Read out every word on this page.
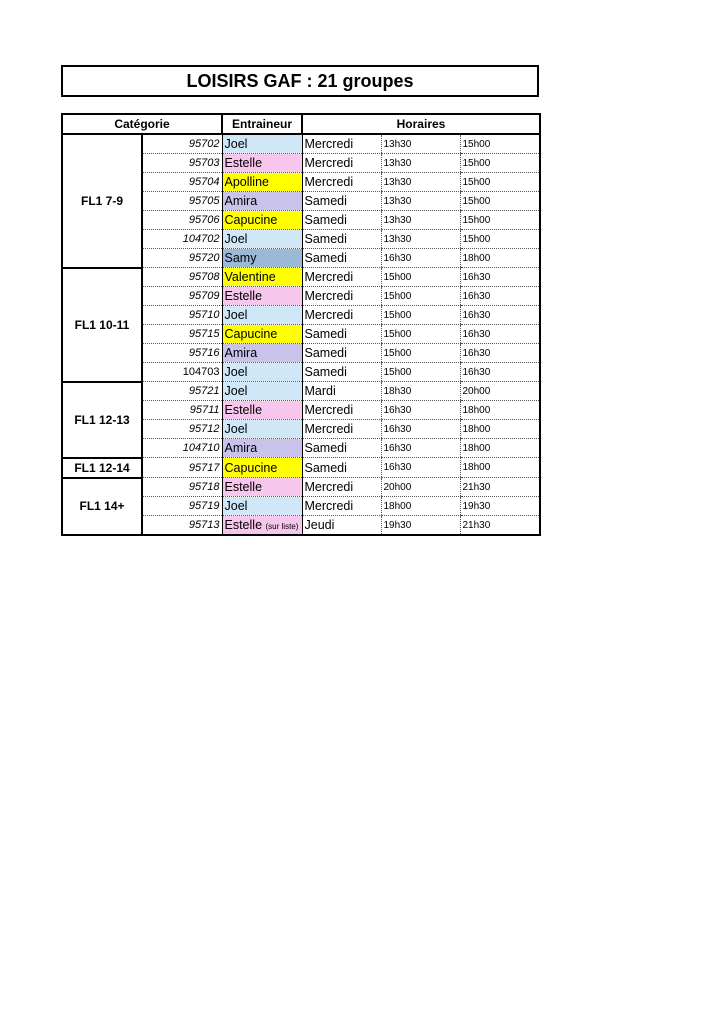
LOISIRS GAF : 21 groupes
Catégorie		Entraineur	Horaires		
FL1 7-9	95702	Joel	Mercredi	13h30	15h00
	95703	Estelle	Mercredi	13h30	15h00
	95704	Apolline	Mercredi	13h30	15h00
	95705	Amira	Samedi	13h30	15h00
	95706	Capucine	Samedi	13h30	15h00
	104702	Joel	Samedi	13h30	15h00
	95720	Samy	Samedi	16h30	18h00
FL1 10-11	95708	Valentine	Mercredi	15h00	16h30
	95709	Estelle	Mercredi	15h00	16h30
	95710	Joel	Mercredi	15h00	16h30
	95715	Capucine	Samedi	15h00	16h30
	95716	Amira	Samedi	15h00	16h30
	104703	Joel	Samedi	15h00	16h30
FL1 12-13	95721	Joel	Mardi	18h30	20h00
	95711	Estelle	Mercredi	16h30	18h00
	95712	Joel	Mercredi	16h30	18h00
	104710	Amira	Samedi	16h30	18h00
FL1 12-14	95717	Capucine	Samedi	16h30	18h00
FL1 14+	95718	Estelle	Mercredi	20h00	21h30
	95719	Joel	Mercredi	18h00	19h30
	95713	Estelle (sur liste)	Jeudi	19h30	21h30
